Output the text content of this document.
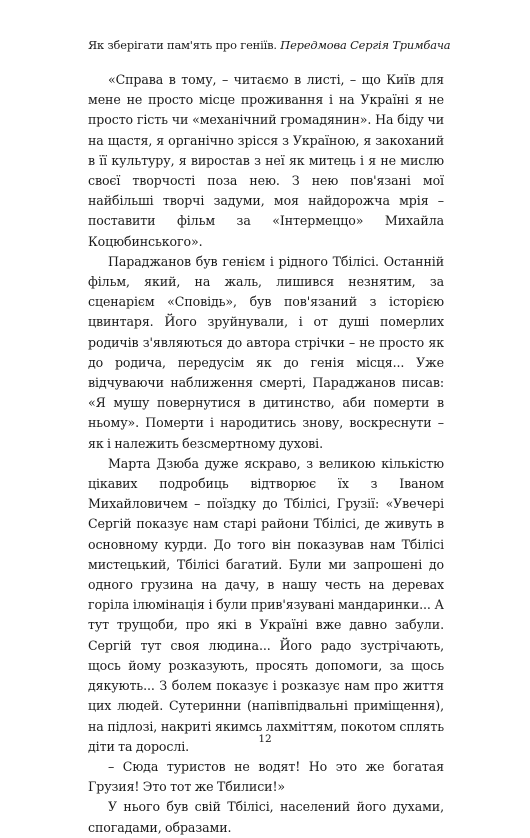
Як зберігати пам'ять про геніїв. Передмова Сергія Тримбача

«Справа в тому, – читаємо в листі, – що Київ для мене не просто місце проживання і на Україні я не просто гість чи «механічний громадянин». На біду чи на щастя, я органічно зрісся з Україною, я закоханий в її культуру, я виростав з неї як митець і я не мислю своєї творчості поза нею. З нею пов'язані мої найбільші творчі задуми, моя найдорожча мрія – поставити фільм за «Інтермеццо» Михайла Коцюбинського».

Параджанов був генієм і рідного Тбілісі. Останній фільм, який, на жаль, лишився незнятим, за сценарієм «Сповідь», був пов'язаний з історією цвинтаря. Його зруйнували, і от душі померлих родичів з'являються до автора стрічки – не просто як до родича, передусім як до генія місця... Уже відчуваючи наближення смерті, Параджанов писав: «Я мушу повернутися в дитинство, аби померти в ньому». Померти і народитись знову, воскреснути – як і належить безсмертному духові.

Марта Дзюба дуже яскраво, з великою кількістю цікавих подробиць відтворює їх з Іваном Михайловичем – поїздку до Тбілісі, Грузії: «Увечері Сергій показує нам старі райони Тбілісі, де живуть в основному курди. До того він показував нам Тбілісі мистецький, Тбілісі багатий. Були ми запрошені до одного грузина на дачу, в нашу честь на деревах горіла ілюмінація і були прив'язувані мандаринки... А тут трущоби, про які в Україні вже давно забули. Сергій тут своя людина... Його радо зустрічають, щось йому розказують, просять допомоги, за щось дякують... З болем показує і розказує нам про життя цих людей. Сутеринни (напівпідвальні приміщення), на підлозі, накриті якимсь лахміттям, покотом сплять діти та дорослі.

– Сюда туристов не водят! Но это же богатая Грузия! Это тот же Тбилиси!»

У нього був свій Тбілісі, населений його духами, спогадами, образами.

12
